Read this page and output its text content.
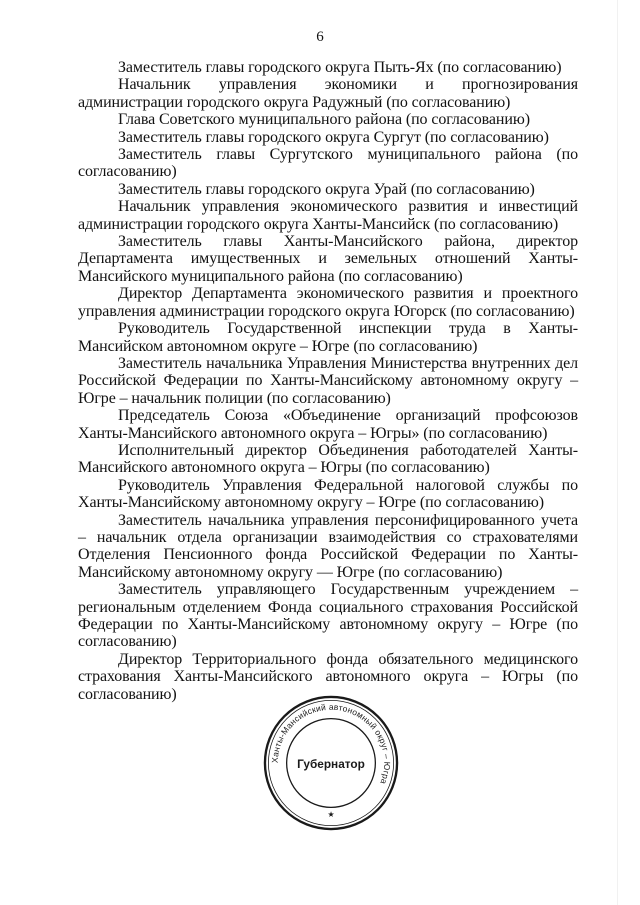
6

Заместитель главы городского округа Пыть-Ях (по согласованию)

Начальник управления экономики и прогнозирования администрации городского округа Радужный (по согласованию)

Глава Советского муниципального района (по согласованию)

Заместитель главы городского округа Сургут (по согласованию)

Заместитель главы Сургутского муниципального района (по согласованию)

Заместитель главы городского округа Урай (по согласованию)

Начальник управления экономического развития и инвестиций администрации городского округа Ханты-Мансийск (по согласованию)

Заместитель главы Ханты-Мансийского района, директор Департамента имущественных и земельных отношений Ханты-Мансийского муниципального района (по согласованию)

Директор Департамента экономического развития и проектного управления администрации городского округа Югорск (по согласованию)

Руководитель Государственной инспекции труда в Ханты-Мансийском автономном округе – Югре (по согласованию)

Заместитель начальника Управления Министерства внутренних дел Российской Федерации по Ханты-Мансийскому автономному округу – Югре – начальник полиции (по согласованию)

Председатель Союза «Объединение организаций профсоюзов Ханты-Мансийского автономного округа – Югры» (по согласованию)

Исполнительный директор Объединения работодателей Ханты-Мансийского автономного округа – Югры (по согласованию)

Руководитель Управления Федеральной налоговой службы по Ханты-Мансийскому автономному округу – Югре (по согласованию)

Заместитель начальника управления персонифицированного учета – начальник отдела организации взаимодействия со страхователями Отделения Пенсионного фонда Российской Федерации по Ханты-Мансийскому автономному округу — Югре (по согласованию)

Заместитель управляющего Государственным учреждением – региональным отделением Фонда социального страхования Российской Федерации по Ханты-Мансийскому автономному округу – Югре (по согласованию)

Директор Территориального фонда обязательного медицинского страхования Ханты-Мансийского автономного округа – Югры (по согласованию)

Ханты-Мансийский автономный округ – Югра
Губернатор
★
